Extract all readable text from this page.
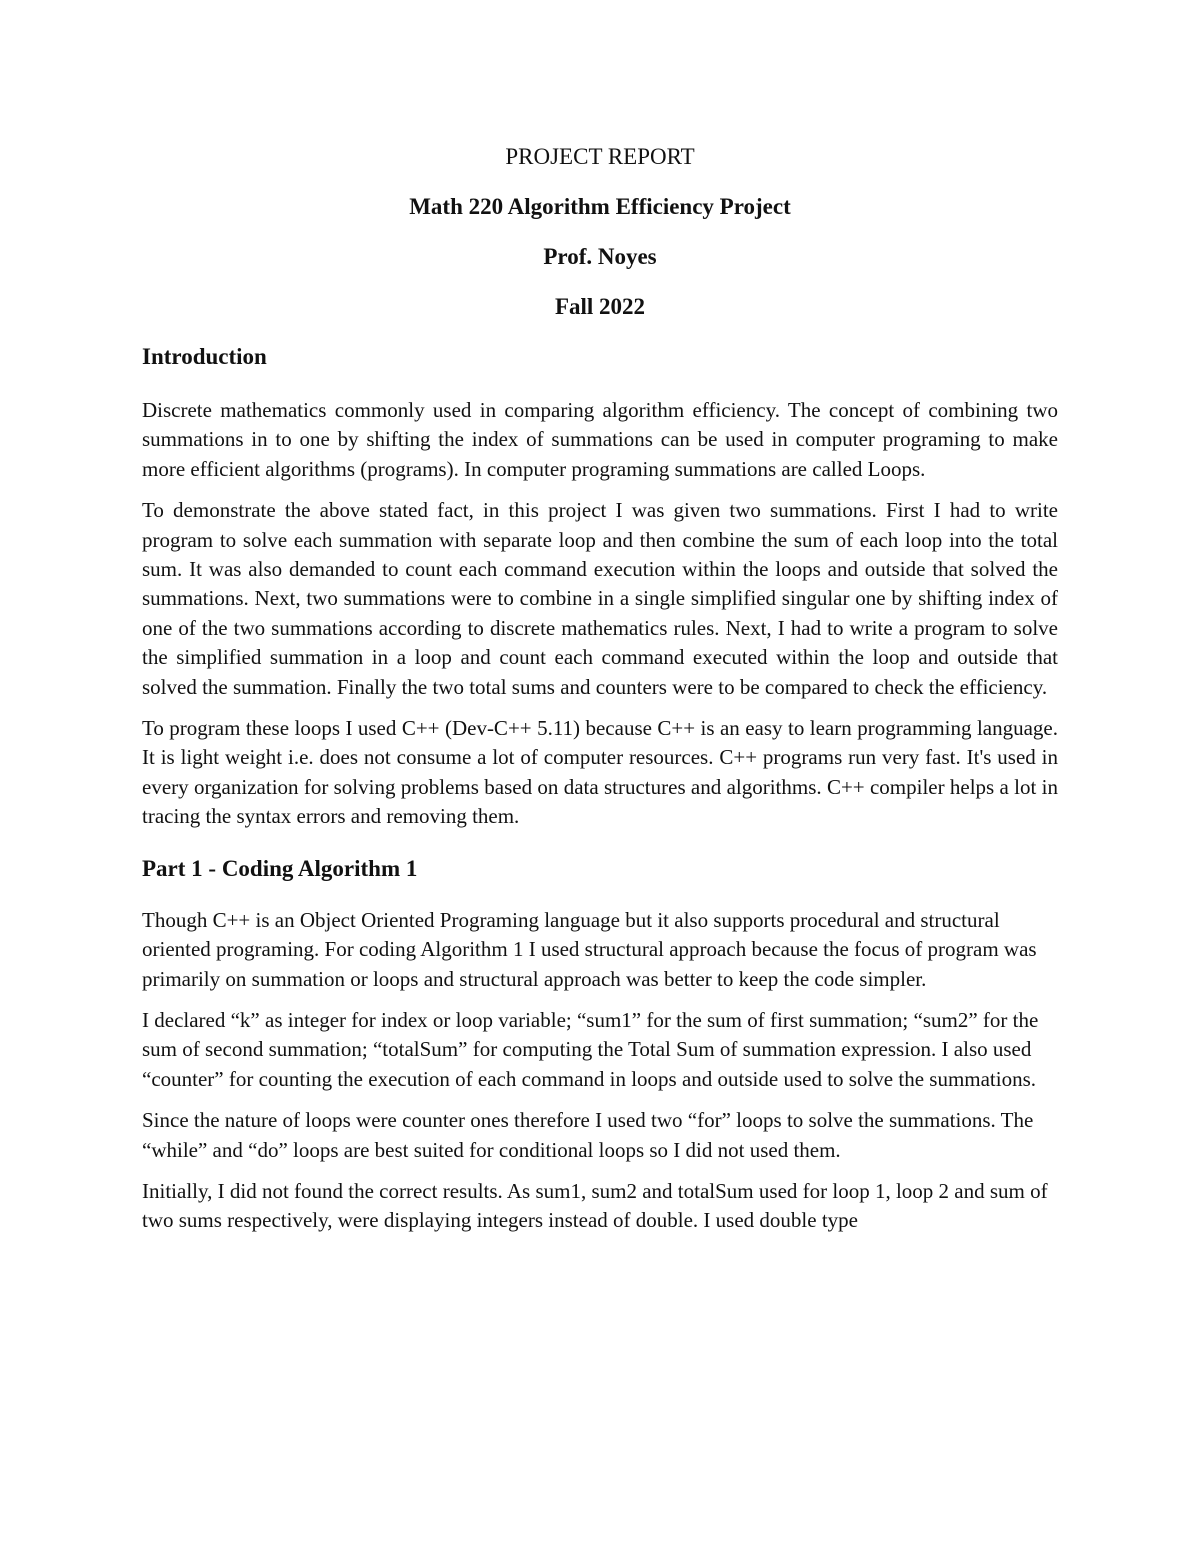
PROJECT REPORT

Math 220 Algorithm Efficiency Project

Prof. Noyes

Fall 2022

Introduction

Discrete mathematics commonly used in comparing algorithm efficiency. The concept of combining two summations in to one by shifting the index of summations can be used in computer programing to make more efficient algorithms (programs). In computer programing summations are called Loops.

To demonstrate the above stated fact, in this project I was given two summations. First I had to write program to solve each summation with separate loop and then combine the sum of each loop into the total sum. It was also demanded to count each command execution within the loops and outside that solved the summations. Next, two summations were to combine in a single simplified singular one by shifting index of one of the two summations according to discrete mathematics rules. Next, I had to write a program to solve the simplified summation in a loop and count each command executed within the loop and outside that solved the summation. Finally the two total sums and counters were to be compared to check the efficiency.

To program these loops I used C++ (Dev-C++ 5.11) because C++ is an easy to learn programming language. It is light weight i.e. does not consume a lot of computer resources. C++ programs run very fast. It's used in every organization for solving problems based on data structures and algorithms. C++ compiler helps a lot in tracing the syntax errors and removing them.

Part 1 - Coding Algorithm 1

Though C++ is an Object Oriented Programing language but it also supports procedural and structural oriented programing. For coding Algorithm 1 I used structural approach because the focus of program was primarily on summation or loops and structural approach was better to keep the code simpler.

I declared “k” as integer for index or loop variable; “sum1” for the sum of first summation; “sum2” for the sum of second summation; “totalSum” for computing the Total Sum of summation expression. I also used “counter” for counting the execution of each command in loops and outside used to solve the summations.

Since the nature of loops were counter ones therefore I used two “for” loops to solve the summations. The “while” and “do” loops are best suited for conditional loops so I did not used them.

Initially, I did not found the correct results. As sum1, sum2 and totalSum used for loop 1, loop 2 and sum of two sums respectively, were displaying integers instead of double. I used double type
